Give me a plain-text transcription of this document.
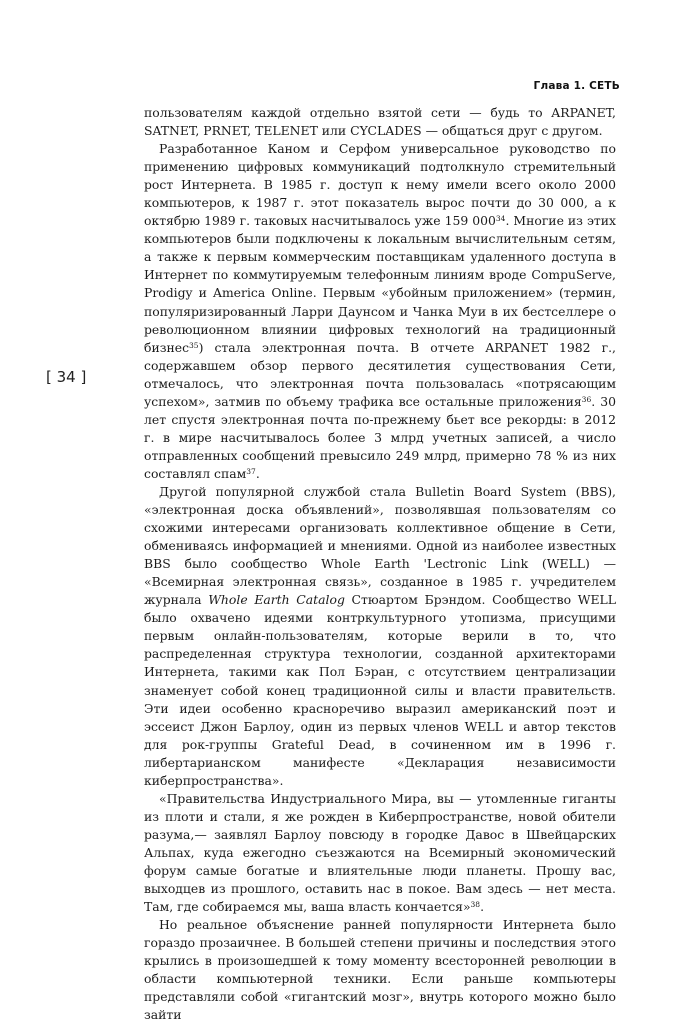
Глава 1. СЕТЬ
[ 34 ]

пользователям каждой отдельно взятой сети — будь то ARPANET, SATNET, PRNET, TELENET или CYCLADES — общаться друг с другом.

Разработанное Каном и Серфом универсальное руководство по применению цифровых коммуникаций подтолкнуло стремительный рост Интернета. В 1985 г. доступ к нему имели всего около 2000 компьютеров, к 1987 г. этот показатель вырос почти до 30 000, а к октябрю 1989 г. таковых насчитывалось уже 159 $000^{34}$. Многие из этих компьютеров были подключены к локальным вычислительным сетям, а также к первым коммерческим поставщикам удаленного доступа в Интернет по коммутируемым телефонным линиям вроде CompuServe, Prodigy и America Online. Первым «убойным приложением» (термин, популяризированный Ларри Даунсом и Чанка Муи в их бестселлере о революционном влиянии цифровых технологий на традиционный бизнес$^{35}$) стала электронная почта. В отчете ARPANET 1982 г., содержавшем обзор первого десятилетия существования Сети, отмечалось, что электронная почта пользовалась «потрясающим успехом», затмив по объему трафика все остальные приложения$^{36}$. 30 лет спустя электронная почта по-прежнему бьет все рекорды: в 2012 г. в мире насчитывалось более 3 млрд учетных записей, а число отправленных сообщений превысило 249 млрд, примерно 78 % из них составлял спам$^{37}$.

Другой популярной службой стала Bulletin Board System (BBS), «электронная доска объявлений», позволявшая пользователям со схожими интересами организовать коллективное общение в Сети, обмениваясь информацией и мнениями. Одной из наиболее известных BBS было сообщество Whole Earth 'Lectronic Link (WELL) — «Всемирная электронная связь», созданное в 1985 г. учредителем журнала Whole Earth Catalog Стюартом Брэндом. Сообщество WELL было охвачено идеями контркультурного утопизма, присущими первым онлайн-пользователям, которые верили в то, что распределенная структура технологии, созданной архитекторами Интернета, такими как Пол Бэран, с отсутствием централизации знаменует собой конец традиционной силы и власти правительств. Эти идеи особенно красноречиво выразил американский поэт и эссеист Джон Барлоу, один из первых членов WELL и автор текстов для рок-группы Grateful Dead, в сочиненном им в 1996 г. либертарианском манифесте «Декларация независимости киберпространства».

«Правительства Индустриального Мира, вы — утомленные гиганты из плоти и стали, я же рожден в Киберпространстве, новой обители разума,— заявлял Барлоу повсюду в городке Давос в Швейцарских Альпах, куда ежегодно съезжаются на Всемирный экономический форум самые богатые и влиятельные люди планеты. Прошу вас, выходцев из прошлого, оставить нас в покое. Вам здесь — нет места. Там, где собираемся мы, ваша власть кончается»$^{38}$.

Но реальное объяснение ранней популярности Интернета было гораздо прозаичнее. В большей степени причины и последствия этого крылись в произошедшей к тому моменту всесторонней революции в области компьютерной техники. Если раньше компьютеры представляли собой «гигантский мозг», внутрь которого можно было зайти
